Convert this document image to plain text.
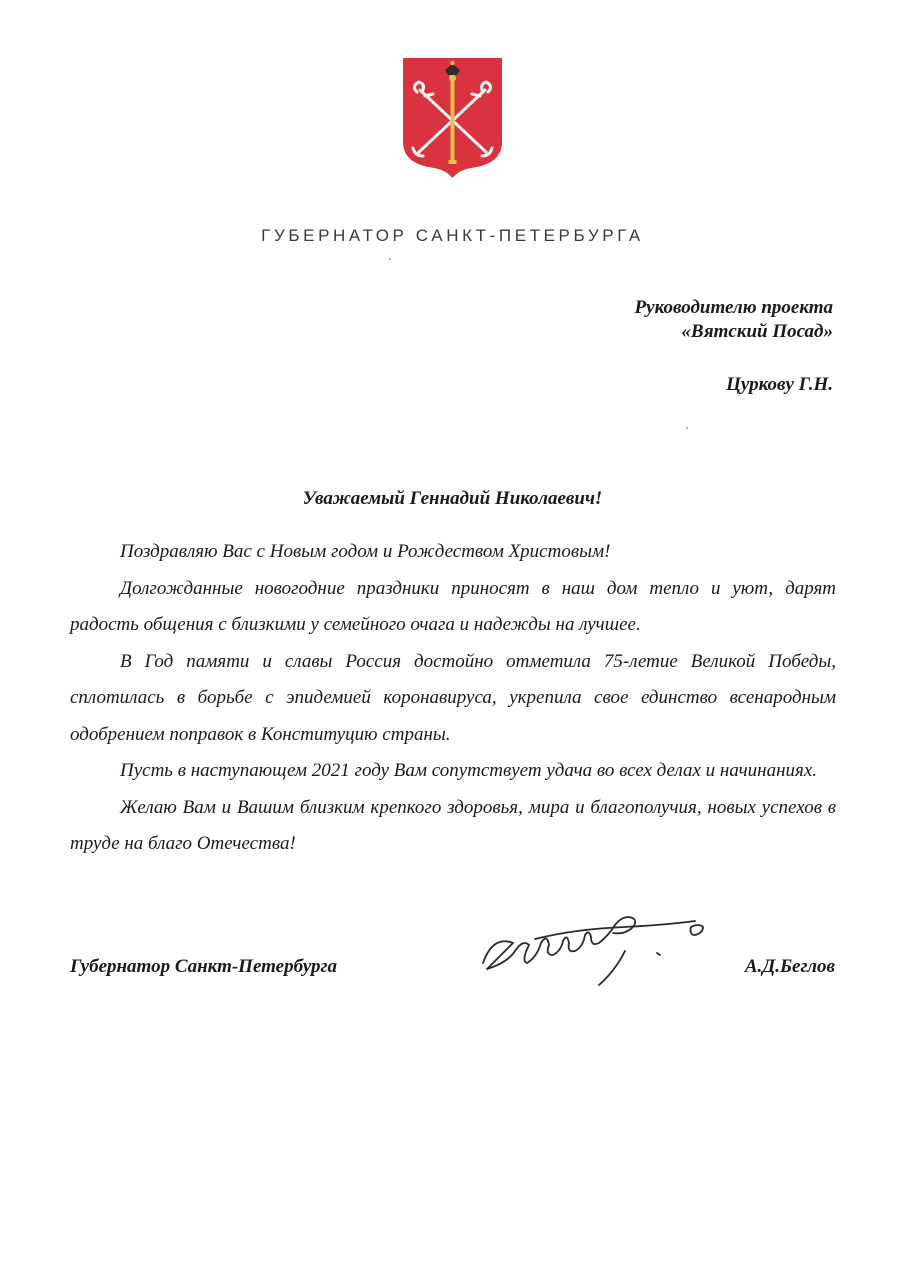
ГУБЕРНАТОР САНКТ-ПЕТЕРБУРГА
Руководителю проекта
«Вятский Посад»
Цуркову Г.Н.
Уважаемый Геннадий Николаевич!

Поздравляю Вас с Новым годом и Рождеством Христовым!

Долгожданные новогодние праздники приносят в наш дом тепло и уют, дарят радость общения с близкими у семейного очага и надежды на лучшее.

В Год памяти и славы Россия достойно отметила 75-летие Великой Победы, сплотилась в борьбе с эпидемией коронавируса, укрепила свое единство всенародным одобрением поправок в Конституцию страны.

Пусть в наступающем 2021 году Вам сопутствует удача во всех делах и начинаниях.

Желаю Вам и Вашим близким крепкого здоровья, мира и благополучия, новых успехов в труде на благо Отечества!

Губернатор Санкт-Петербурга	А.Д.Беглов
